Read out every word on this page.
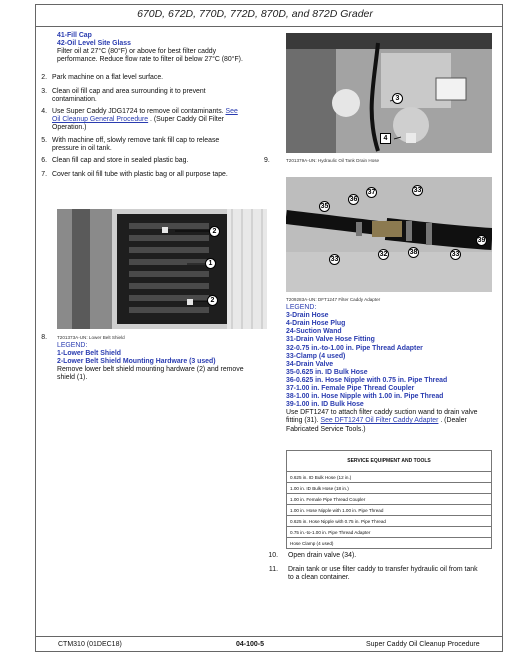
670D, 672D, 770D, 772D, 870D, and 872D Grader
41-Fill Cap
42-Oil Level Site Glass
Filter oil at 27°C (80°F) or above for best filter caddy
performance. Reduce flow rate to filter oil below 27°C (80°F).
2. Park machine on a flat level surface.
3. Clean oil fill cap and area surrounding it to prevent
contamination.
4. Use Super Caddy JDG1724 to remove oil contaminants. See
Oil Cleanup General Procedure . (Super Caddy Oil Filter
Operation.)
5. With machine off, slowly remove tank fill cap to release
pressure in oil tank.
6. Clean fill cap and store in sealed plastic bag.
7. Cover tank oil fill tube with plastic bag or all purpose tape.
2
1
2
8. T201373A-UN: Lower Belt Shield
LEGEND:
1-Lower Belt Shield
2-Lower Belt Shield Mounting Hardware (3 used)
Remove lower belt shield mounting hardware (2) and remove
shield (1).
3
4
9.	T201379A-UN: Hydraulic Oil Tank Drain Hose
35
36
37	33
39
33
32	38	33
T209283A-UN: DFT1247 Filter Caddy Adapter
LEGEND:
3-Drain Hose
4-Drain Hose Plug
24-Suction Wand
31-Drain Valve Hose Fitting
32-0.75 in.-to-1.00 in. Pipe Thread Adapter
33-Clamp (4 used)
34-Drain Valve
35-0.625 in. ID Bulk Hose
36-0.625 in. Hose Nipple with 0.75 in. Pipe Thread
37-1.00 in. Female Pipe Thread Coupler
38-1.00 in. Hose Nipple with 1.00 in. Pipe Thread
39-1.00 in. ID Bulk Hose
Use DFT1247 to attach filter caddy suction wand to drain valve
fitting (31). See DFT1247 Oil Filter Caddy Adapter . (Dealer
Fabricated Service Tools.)
SERVICE EQUIPMENT AND TOOLS
0.625 in. ID Bulk Hose (12 in.)
1.00 in. ID Bulk Hose (18 in.)
1.00 in. Female Pipe Thread Coupler
1.00 in. Hose Nipple with 1.00 in. Pipe Thread
0.625 in. Hose Nipple with 0.75 in. Pipe Thread
0.75 in.-to-1.00 in. Pipe Thread Adapter
Hose Clamp (4 used)
10. Open drain valve (34).
11. Drain tank or use filter caddy to transfer hydraulic oil from tank
to a clean container.
CTM310 (01DEC18)	04-100-5	Super Caddy Oil Cleanup Procedure
